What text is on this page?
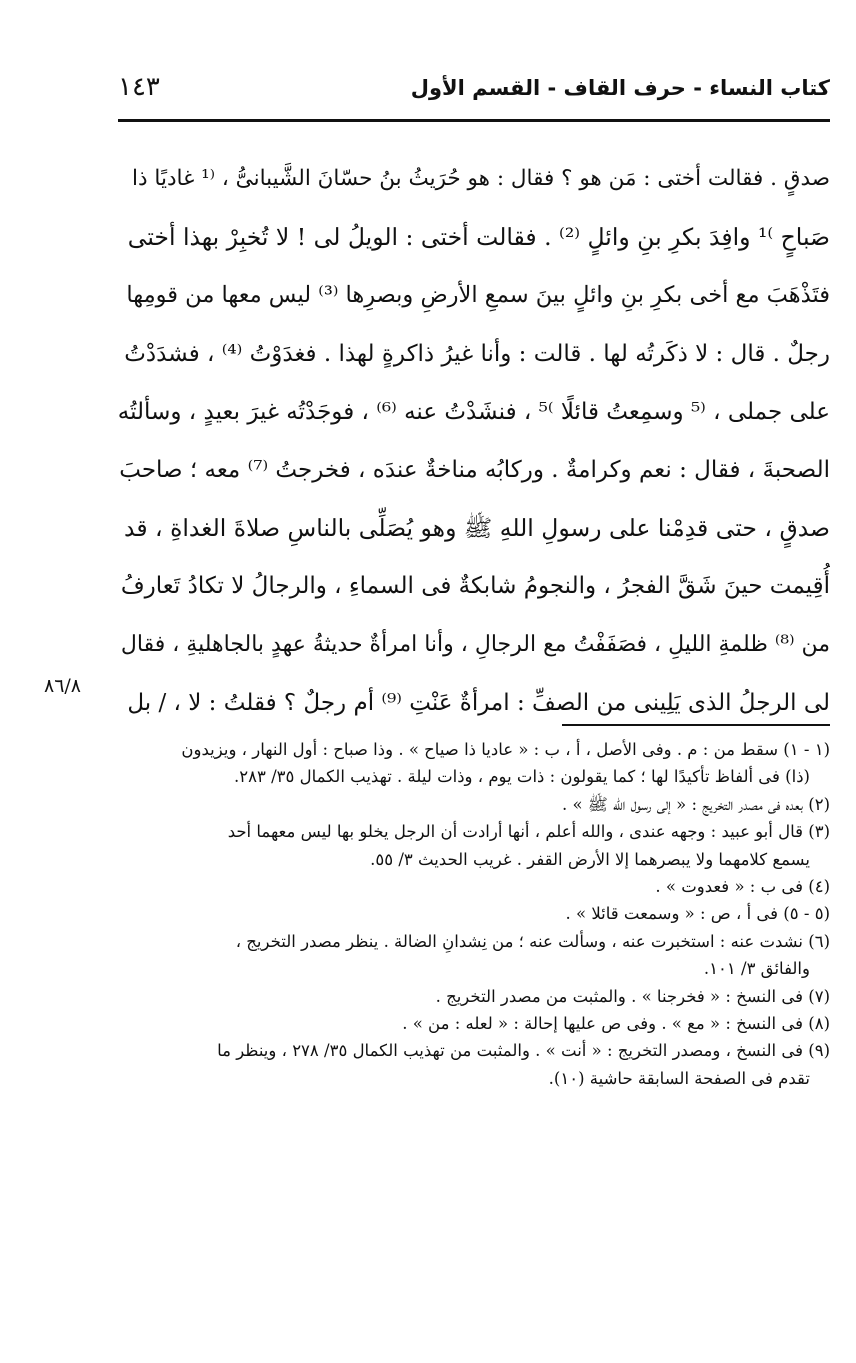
كتاب النساء - حرف القاف - القسم الأول
١٤٣
صدقٍ . فقالت أختى : مَن هو ؟ فقال : هو حُرَيثُ بنُ حسّانَ الشَّيبانىُّ ، ⁽¹ غاديًا ذا
صَباحٍ ⁾¹ وافِدَ بكرِ بنِ وائلٍ ⁽²⁾ . فقالت أختى : الويلُ لى ! لا تُخبِرْ بهذا أختى
فتَذْهَبَ مع أخى بكرِ بنِ وائلٍ بينَ سمعِ الأرضِ وبصرِها ⁽³⁾ ليس معها من قومِها
رجلٌ . قال : لا ذكَرتُه لها . قالت : وأنا غيرُ ذاكرةٍ لهذا . فغدَوْتُ ⁽⁴⁾ ، فشدَدْتُ
على جملى ، ⁽⁵ وسمِعتُ قائلًا ⁾⁵ ، فنشَدْتُ عنه ⁽⁶⁾ ، فوجَدْتُه غيرَ بعيدٍ ، وسألتُه
الصحبةَ ، فقال : نعم وكرامةٌ . وركابُه مناخةٌ عندَه ، فخرجتُ ⁽⁷⁾ معه ؛ صاحبَ
صدقٍ ، حتى قدِمْنا على رسولِ اللهِ ﷺ وهو يُصَلِّى بالناسِ صلاةَ الغداةِ ، قد
أُقِيمت حينَ شَقَّ الفجرُ ، والنجومُ شابكةٌ فى السماءِ ، والرجالُ لا تكادُ تَعارفُ
من ⁽⁸⁾ ظلمةِ الليلِ ، فصَفَفْتُ مع الرجالِ ، وأنا امرأةٌ حديثةُ عهدٍ بالجاهليةِ ، فقال
لى الرجلُ الذى يَلِينى من الصفِّ : امرأةٌ عَنْتِ ⁽⁹⁾ أم رجلٌ ؟ فقلتُ : لا ، / بل
٨٦/٨
(١ - ١) سقط من : م . وفى الأصل ، أ ، ب : « عاديا ذا صياح » . وذا صباح : أول النهار ، ويزيدون
(ذا) فى ألفاظ تأكيدًا لها ؛ كما يقولون : ذات يوم ، وذات ليلة . تهذيب الكمال ٣٥/ ٢٨٣.
(٢) بعده فى مصدر التخريج : « إلى رسول الله ﷺ » .
(٣) قال أبو عبيد : وجهه عندى ، والله أعلم ، أنها أرادت أن الرجل يخلو بها ليس معهما أحد
يسمع كلامهما ولا يبصرهما إلا الأرض القفر . غريب الحديث ٣/ ٥٥.
(٤) فى ب : « فعدوت » .
(٥ - ٥) فى أ ، ص : « وسمعت قائلا » .
(٦) نشدت عنه : استخبرت عنه ، وسألت عنه ؛ من نِشدانِ الضالة . ينظر مصدر التخريج ،
والفائق ٣/ ١٠١.
(٧) فى النسخ : « فخرجنا » . والمثبت من مصدر التخريج .
(٨) فى النسخ : « مع » . وفى ص عليها إحالة : « لعله : من » .
(٩) فى النسخ ، ومصدر التخريج : « أنت » . والمثبت من تهذيب الكمال ٣٥/ ٢٧٨ ، وينظر ما
تقدم فى الصفحة السابقة حاشية (١٠).
